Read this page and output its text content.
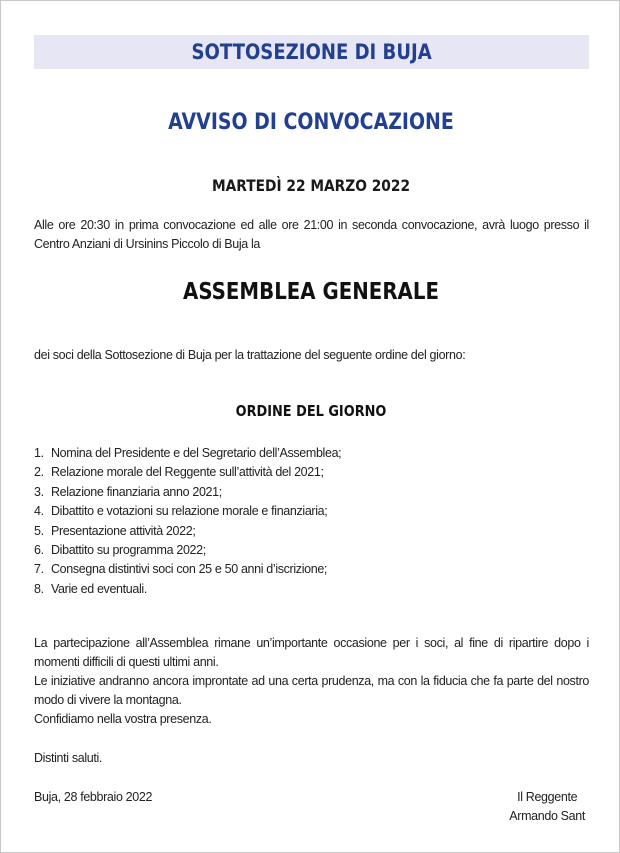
SOTTOSEZIONE DI BUJA
AVVISO DI CONVOCAZIONE
MARTEDÌ 22 MARZO 2022
Alle ore 20:30 in prima convocazione ed alle ore 21:00 in seconda convocazione, avrà luogo presso il Centro Anziani di Ursinins Piccolo di Buja la
ASSEMBLEA GENERALE
dei soci della Sottosezione di Buja per la trattazione del seguente ordine del giorno:
ORDINE DEL GIORNO
1. Nomina del Presidente e del Segretario dell’Assemblea;
2. Relazione morale del Reggente sull’attività del 2021;
3. Relazione finanziaria anno 2021;
4. Dibattito e votazioni su relazione morale e finanziaria;
5. Presentazione attività 2022;
6. Dibattito su programma 2022;
7. Consegna distintivi soci con 25 e 50 anni d’iscrizione;
8. Varie ed eventuali.

La partecipazione all’Assemblea rimane un’importante occasione per i soci, al fine di ripartire dopo i momenti difficili di questi ultimi anni.

Le iniziative andranno ancora improntate ad una certa prudenza, ma con la fiducia che fa parte del nostro modo di vivere la montagna.

Confidiamo nella vostra presenza.

Distinti saluti.
Buja, 28 febbraio 2022	Il Reggente
Armando Sant
